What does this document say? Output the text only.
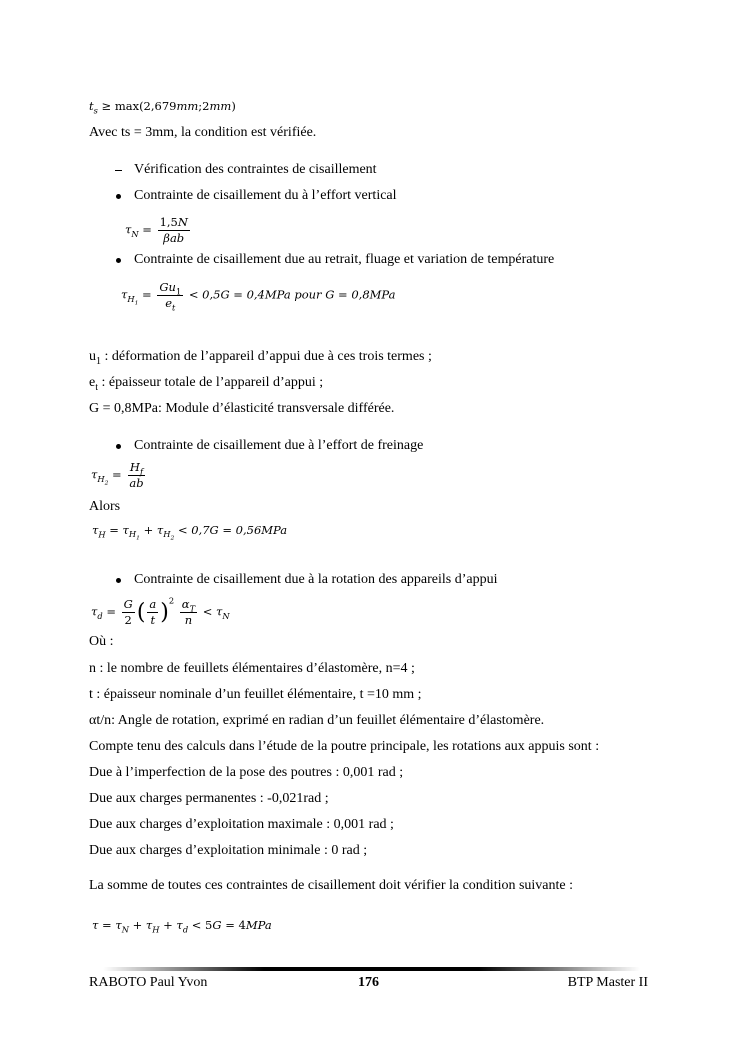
$t_s$ ≥ max(2,679mm;2mm)
Avec ts = 3mm, la condition est vérifiée.
Vérification des contraintes de cisaillement
Contrainte de cisaillement du à l’effort vertical
$\tau_N = \frac{1,5N}{\text{βab}}$
Contrainte de cisaillement due au retrait, fluage et variation de température
$\tau_{H_1} = \frac{Gu_1}{e_t} < 0,5G = 0,4MPa$ pour G = 0,8MPa
$u_1$ : déformation de l’appareil d’appui due à ces trois termes ;
$e_t$ : épaisseur totale de l’appareil d’appui ;
G = 0,8MPa: Module d’élasticité transversale différée.
Contrainte de cisaillement due à l’effort de freinage
$\tau_{H_2} = \frac{H_f}{ab}$
Alors
$\tau_H = \tau_{H_1} + \tau_{H_2} < 0,7G = 0,56MPa$
Contrainte de cisaillement due à la rotation des appareils d’appui
$\tau_d = \frac{G}{2}$ ( $\frac{a}{t} )^2 \frac{\alpha_T}{n} < \tau_N$
Où :
n : le nombre de feuillets élémentaires d’élastomère, n=4 ;
t : épaisseur nominale d’un feuillet élémentaire, t =10 mm ;
αt/n: Angle de rotation, exprimé en radian d’un feuillet élémentaire d’élastomère.
Compte tenu des calculs dans l’étude de la poutre principale, les rotations aux appuis sont :
Due à l’imperfection de la pose des poutres : 0,001 rad ;
Due aux charges permanentes : -0,021rad ;
Due aux charges d’exploitation maximale : 0,001 rad ;
Due aux charges d’exploitation minimale : 0 rad ;
La somme de toutes ces contraintes de cisaillement doit vérifier la condition suivante :
$\tau = \tau_N + \tau_H + \tau_d < 5G = 4MPa$
RABOTO Paul Yvon	176	BTP Master II
